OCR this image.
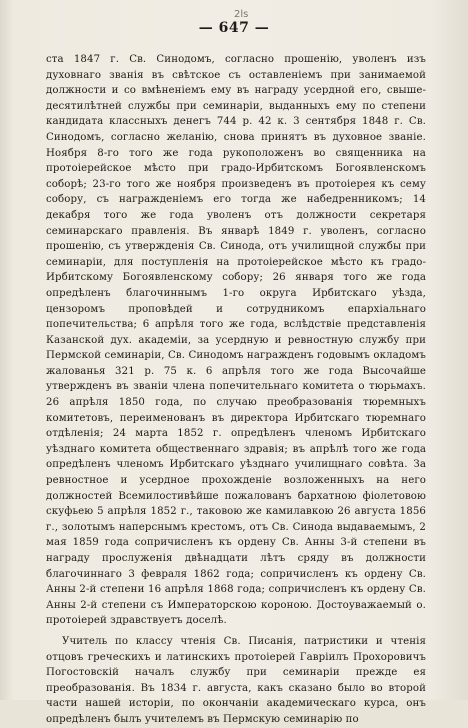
2ls
— 647 —

ста 1847 г. Св. Синодомъ, согласно прошенію, уволенъ изъ духовнаго званія въ свѣтское съ оставленіемъ при занимаемой должности и со вмѣненіемъ ему въ награду усердной его, свыше-десятилѣтней службы при семинаріи, выданныхъ ему по степени кандидата классныхъ денегъ 744 р. 42 к. 3 сентября 1848 г. Св. Синодомъ, согласно желанію, снова принятъ въ духовное званіе. Ноября 8-го того же года рукоположенъ во священника на протоіерейское мѣсто при градо-Ирбитскомъ Богоявленскомъ соборѣ; 23-го того же ноября произведенъ въ протоіерея къ сему собору, съ награжденіемъ его тогда же набедренникомъ; 14 декабря того же года уволенъ отъ должности секретаря семинарскаго правленія. Въ январѣ 1849 г. уволенъ, согласно прошенію, съ утвержденія Св. Синода, отъ училищной службы при семинаріи, для поступленія на протоіерейское мѣсто къ градо-Ирбитскому Богоявленскому собору; 26 января того же года опредѣленъ благочиннымъ 1-го округа Ирбитскаго уѣзда, цензоромъ проповѣдей и сотрудникомъ епархіальнаго попечительства; 6 апрѣля того же года, вслѣдствіе представленія Казанской дух. академіи, за усердную и ревностную службу при Пермской семинаріи, Св. Синодомъ награжденъ годовымъ окладомъ жалованья 321 р. 75 к. 6 апрѣля того же года Высочайше утвержденъ въ званіи члена попечительнаго комитета о тюрьмахъ. 26 апрѣля 1850 года, по случаю преобразованія тюремныхъ комитетовъ, переименованъ въ директора Ирбитскаго тюремнаго отдѣленія; 24 марта 1852 г. опредѣленъ членомъ Ирбитскаго уѣзднаго комитета общественнаго здравія; въ апрѣлѣ того же года опредѣленъ членомъ Ирбитскаго уѣзднаго училищнаго совѣта. За ревностное и усердное прохожденіе возложенныхъ на него должностей Всемилостивѣйше пожалованъ бархатною фіолетовою скуфьею 5 апрѣля 1852 г., таковою же камилавкою 26 августа 1856 г., золотымъ наперснымъ крестомъ, отъ Св. Синода выдаваемымъ, 2 мая 1859 года сопричисленъ къ ордену Св. Анны 3-й степени въ награду прослуженія двѣнадцати лѣтъ сряду въ должности благочиннаго 3 февраля 1862 года; сопричисленъ къ ордену Св. Анны 2-й степени 16 апрѣля 1868 года; сопричисленъ къ ордену Св. Анны 2-й степени съ Императорскою короною. Достоуважаемый о. протоіерей здравствуетъ доселѣ.

Учитель по классу чтенія Св. Писанія, патристики и чтенія отцовъ греческихъ и латинскихъ протоіерей Гавріилъ Прохоровичъ Погостовскій началъ службу при семинаріи прежде ея преобразованія. Въ 1834 г. августа, какъ сказано было во второй части нашей исторіи, по окончаніи академическаго курса, онъ опредѣленъ былъ учителемъ въ Пермскую семинарію по
